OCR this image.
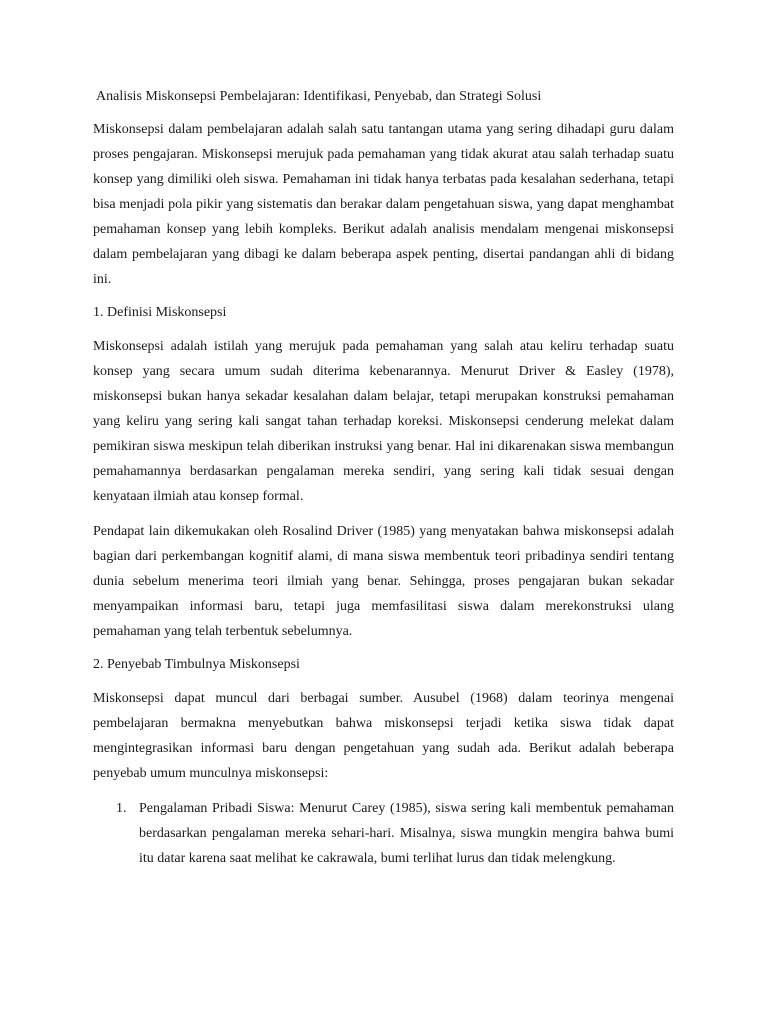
Analisis Miskonsepsi Pembelajaran: Identifikasi, Penyebab, dan Strategi Solusi

Miskonsepsi dalam pembelajaran adalah salah satu tantangan utama yang sering dihadapi guru dalam proses pengajaran. Miskonsepsi merujuk pada pemahaman yang tidak akurat atau salah terhadap suatu konsep yang dimiliki oleh siswa. Pemahaman ini tidak hanya terbatas pada kesalahan sederhana, tetapi bisa menjadi pola pikir yang sistematis dan berakar dalam pengetahuan siswa, yang dapat menghambat pemahaman konsep yang lebih kompleks. Berikut adalah analisis mendalam mengenai miskonsepsi dalam pembelajaran yang dibagi ke dalam beberapa aspek penting, disertai pandangan ahli di bidang ini.

1. Definisi Miskonsepsi

Miskonsepsi adalah istilah yang merujuk pada pemahaman yang salah atau keliru terhadap suatu konsep yang secara umum sudah diterima kebenarannya. Menurut Driver & Easley (1978), miskonsepsi bukan hanya sekadar kesalahan dalam belajar, tetapi merupakan konstruksi pemahaman yang keliru yang sering kali sangat tahan terhadap koreksi. Miskonsepsi cenderung melekat dalam pemikiran siswa meskipun telah diberikan instruksi yang benar. Hal ini dikarenakan siswa membangun pemahamannya berdasarkan pengalaman mereka sendiri, yang sering kali tidak sesuai dengan kenyataan ilmiah atau konsep formal.

Pendapat lain dikemukakan oleh Rosalind Driver (1985) yang menyatakan bahwa miskonsepsi adalah bagian dari perkembangan kognitif alami, di mana siswa membentuk teori pribadinya sendiri tentang dunia sebelum menerima teori ilmiah yang benar. Sehingga, proses pengajaran bukan sekadar menyampaikan informasi baru, tetapi juga memfasilitasi siswa dalam merekonstruksi ulang pemahaman yang telah terbentuk sebelumnya.

2. Penyebab Timbulnya Miskonsepsi

Miskonsepsi dapat muncul dari berbagai sumber. Ausubel (1968) dalam teorinya mengenai pembelajaran bermakna menyebutkan bahwa miskonsepsi terjadi ketika siswa tidak dapat mengintegrasikan informasi baru dengan pengetahuan yang sudah ada. Berikut adalah beberapa penyebab umum munculnya miskonsepsi:

1. Pengalaman Pribadi Siswa: Menurut Carey (1985), siswa sering kali membentuk pemahaman berdasarkan pengalaman mereka sehari-hari. Misalnya, siswa mungkin mengira bahwa bumi itu datar karena saat melihat ke cakrawala, bumi terlihat lurus dan tidak melengkung.
